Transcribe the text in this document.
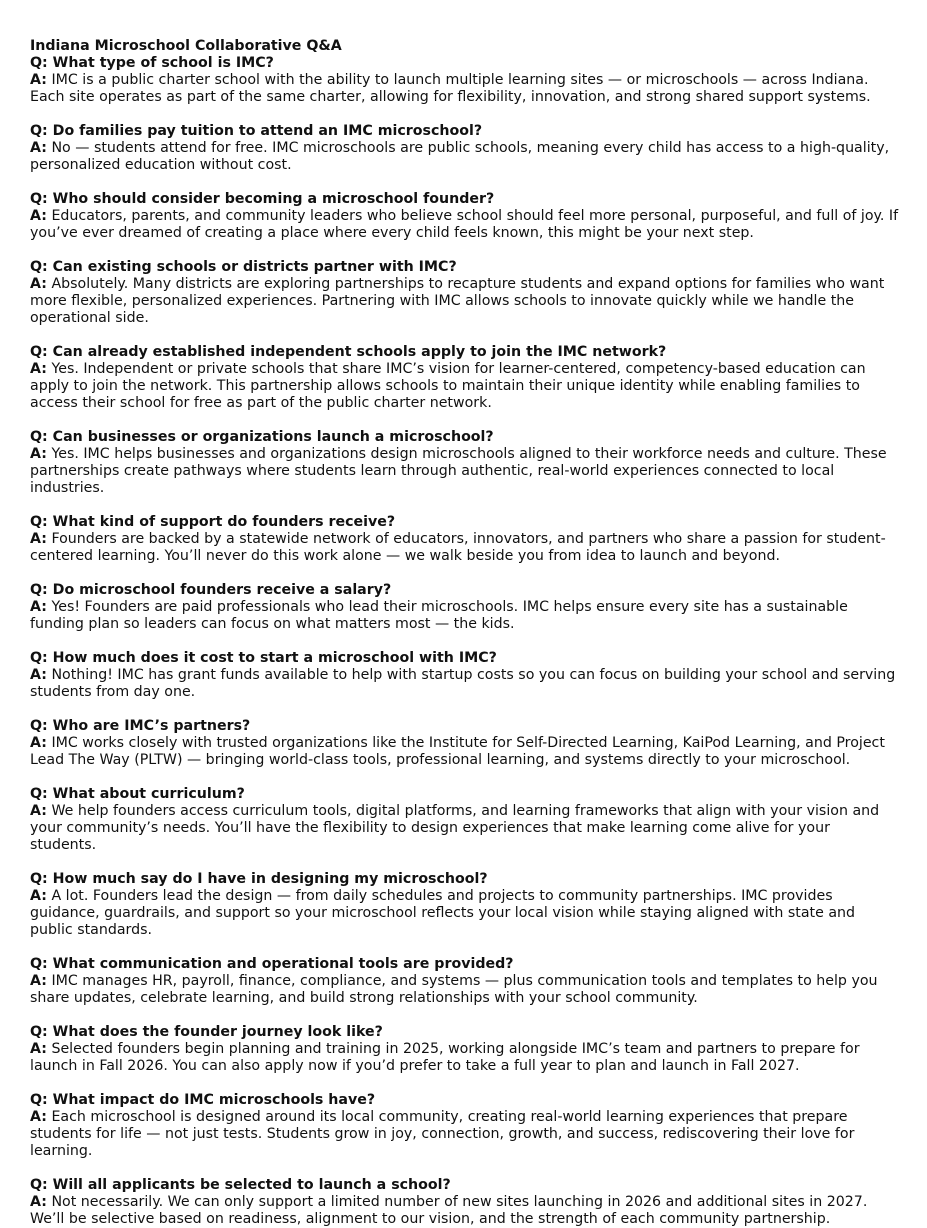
Indiana Microschool Collaborative Q&A

Q: What type of school is IMC?

A: IMC is a public charter school with the ability to launch multiple learning sites — or microschools — across Indiana. Each site operates as part of the same charter, allowing for flexibility, innovation, and strong shared support systems.

Q: Do families pay tuition to attend an IMC microschool?

A: No — students attend for free. IMC microschools are public schools, meaning every child has access to a high-quality, personalized education without cost.

Q: Who should consider becoming a microschool founder?

A: Educators, parents, and community leaders who believe school should feel more personal, purposeful, and full of joy. If you’ve ever dreamed of creating a place where every child feels known, this might be your next step.

Q: Can existing schools or districts partner with IMC?

A: Absolutely. Many districts are exploring partnerships to recapture students and expand options for families who want more flexible, personalized experiences. Partnering with IMC allows schools to innovate quickly while we handle the operational side.

Q: Can already established independent schools apply to join the IMC network?

A: Yes. Independent or private schools that share IMC’s vision for learner-centered, competency-based education can apply to join the network. This partnership allows schools to maintain their unique identity while enabling families to access their school for free as part of the public charter network.

Q: Can businesses or organizations launch a microschool?

A: Yes. IMC helps businesses and organizations design microschools aligned to their workforce needs and culture. These partnerships create pathways where students learn through authentic, real-world experiences connected to local industries.

Q: What kind of support do founders receive?

A: Founders are backed by a statewide network of educators, innovators, and partners who share a passion for student-centered learning. You’ll never do this work alone — we walk beside you from idea to launch and beyond.

Q: Do microschool founders receive a salary?

A: Yes! Founders are paid professionals who lead their microschools. IMC helps ensure every site has a sustainable funding plan so leaders can focus on what matters most — the kids.

Q: How much does it cost to start a microschool with IMC?

A: Nothing! IMC has grant funds available to help with startup costs so you can focus on building your school and serving students from day one.

Q: Who are IMC’s partners?

A: IMC works closely with trusted organizations like the Institute for Self-Directed Learning, KaiPod Learning, and Project Lead The Way (PLTW) — bringing world-class tools, professional learning, and systems directly to your microschool.

Q: What about curriculum?

A: We help founders access curriculum tools, digital platforms, and learning frameworks that align with your vision and your community’s needs. You’ll have the flexibility to design experiences that make learning come alive for your students.

Q: How much say do I have in designing my microschool?

A: A lot. Founders lead the design — from daily schedules and projects to community partnerships. IMC provides guidance, guardrails, and support so your microschool reflects your local vision while staying aligned with state and public standards.

Q: What communication and operational tools are provided?

A: IMC manages HR, payroll, finance, compliance, and systems — plus communication tools and templates to help you share updates, celebrate learning, and build strong relationships with your school community.

Q: What does the founder journey look like?

A: Selected founders begin planning and training in 2025, working alongside IMC’s team and partners to prepare for launch in Fall 2026. You can also apply now if you’d prefer to take a full year to plan and launch in Fall 2027.

Q: What impact do IMC microschools have?

A: Each microschool is designed around its local community, creating real-world learning experiences that prepare students for life — not just tests. Students grow in joy, connection, growth, and success, rediscovering their love for learning.

Q: Will all applicants be selected to launch a school?

A: Not necessarily. We can only support a limited number of new sites launching in 2026 and additional sites in 2027. We’ll be selective based on readiness, alignment to our vision, and the strength of each community partnership.
